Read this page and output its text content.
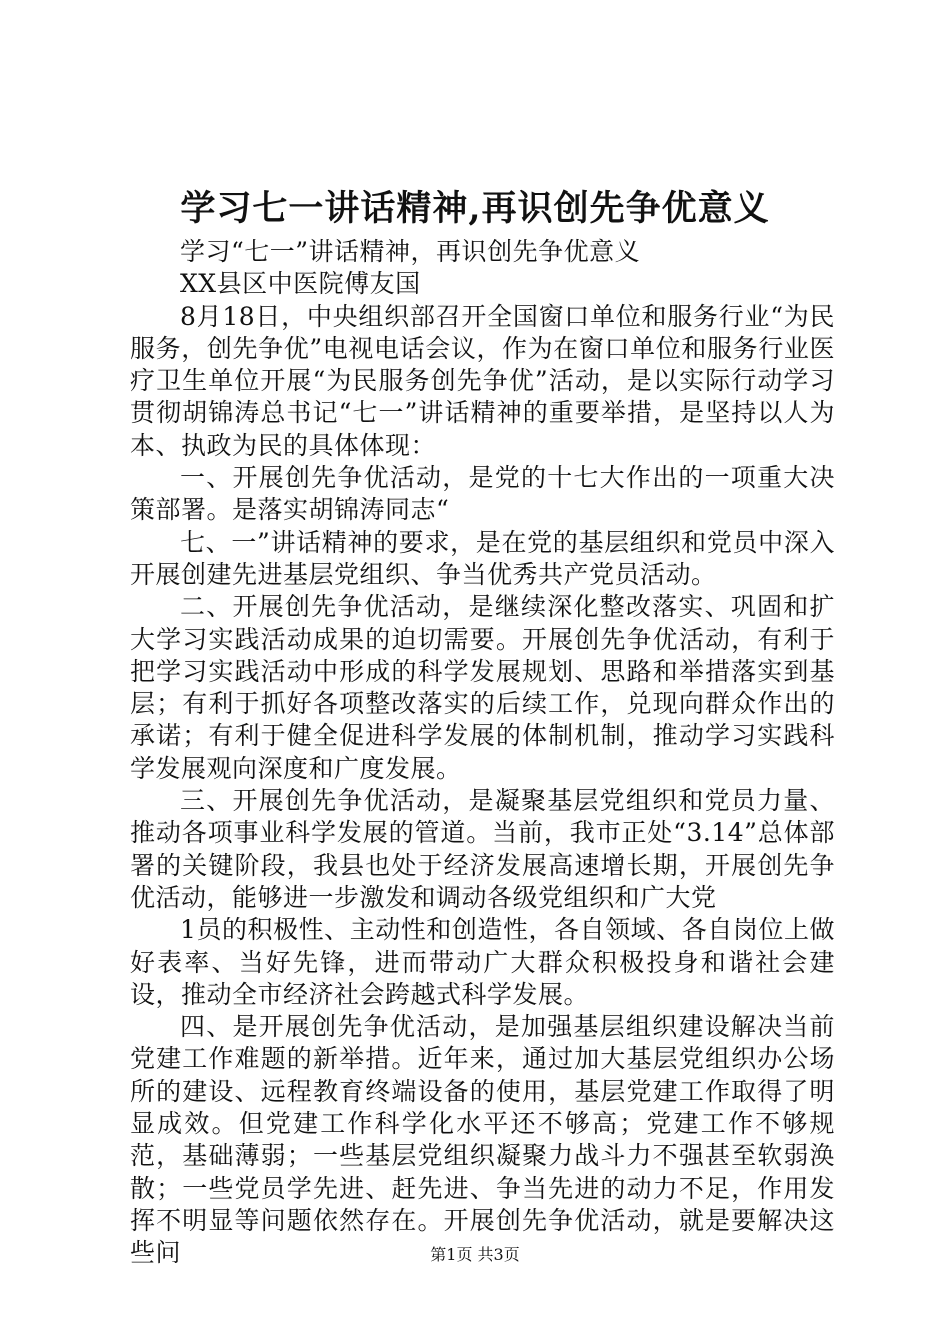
学习七一讲话精神,再识创先争优意义

学习“七一”讲话精神，再识创先争优意义

XX县区中医院傅友国

8月18日，中央组织部召开全国窗口单位和服务行业“为民服务，创先争优”电视电话会议，作为在窗口单位和服务行业医疗卫生单位开展“为民服务创先争优”活动，是以实际行动学习贯彻胡锦涛总书记“七一”讲话精神的重要举措，是坚持以人为本、执政为民的具体体现：

一、开展创先争优活动，是党的十七大作出的一项重大决策部署。是落实胡锦涛同志“

七、一”讲话精神的要求，是在党的基层组织和党员中深入开展创建先进基层党组织、争当优秀共产党员活动。

二、开展创先争优活动，是继续深化整改落实、巩固和扩大学习实践活动成果的迫切需要。开展创先争优活动，有利于把学习实践活动中形成的科学发展规划、思路和举措落实到基层；有利于抓好各项整改落实的后续工作，兑现向群众作出的承诺；有利于健全促进科学发展的体制机制，推动学习实践科学发展观向深度和广度发展。

三、开展创先争优活动，是凝聚基层党组织和党员力量、推动各项事业科学发展的管道。当前，我市正处“3.14”总体部署的关键阶段，我县也处于经济发展高速增长期，开展创先争优活动，能够进一步激发和调动各级党组织和广大党

1员的积极性、主动性和创造性，各自领域、各自岗位上做好表率、当好先锋，进而带动广大群众积极投身和谐社会建设，推动全市经济社会跨越式科学发展。

四、是开展创先争优活动，是加强基层组织建设解决当前党建工作难题的新举措。近年来，通过加大基层党组织办公场所的建设、远程教育终端设备的使用，基层党建工作取得了明显成效。但党建工作科学化水平还不够高；党建工作不够规范，基础薄弱；一些基层党组织凝聚力战斗力不强甚至软弱涣散；一些党员学先进、赶先进、争当先进的动力不足，作用发挥不明显等问题依然存在。开展创先争优活动，就是要解决这些问	第1页 共3页
